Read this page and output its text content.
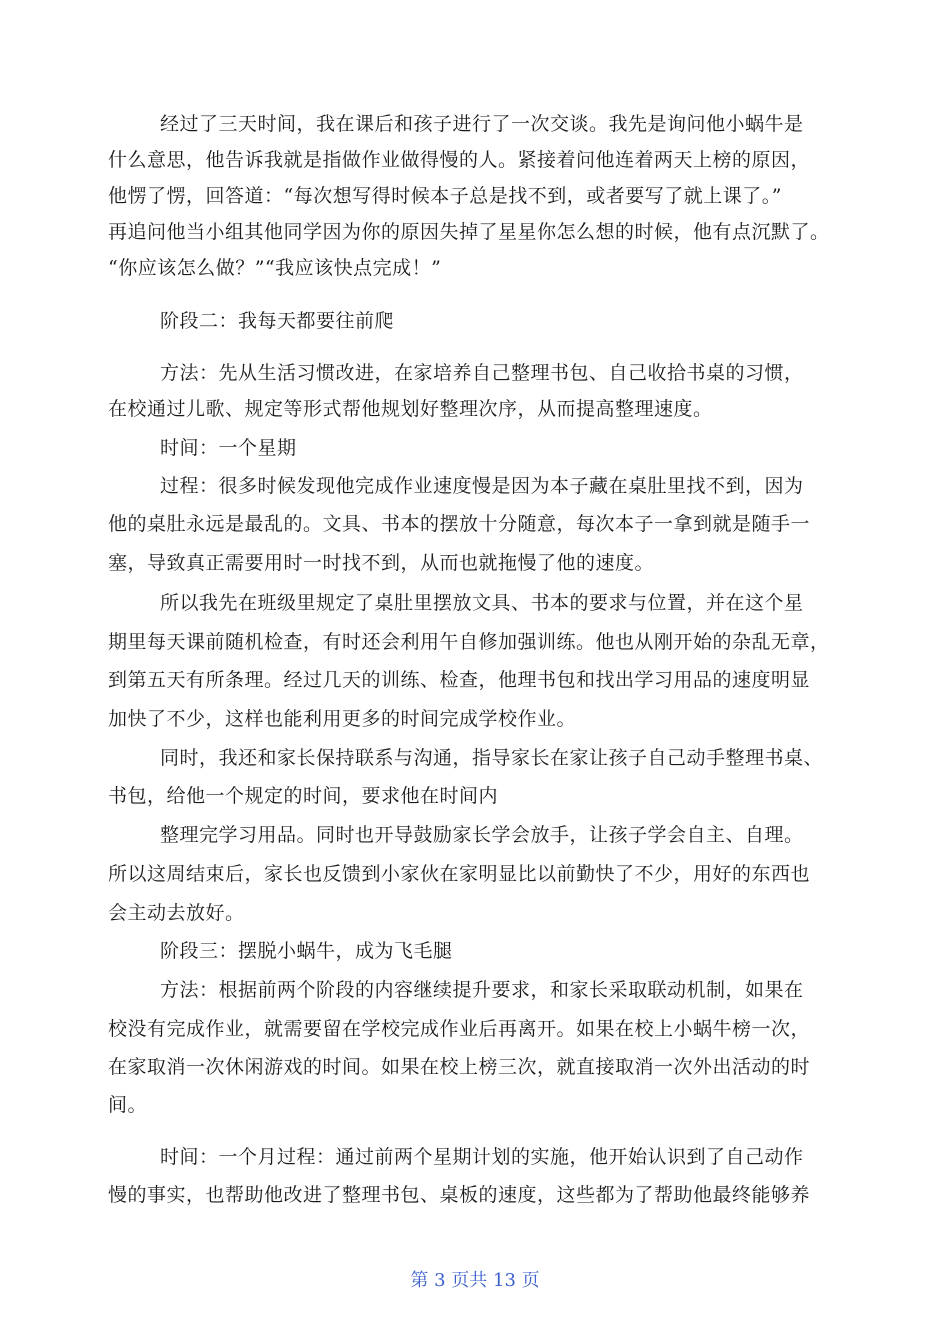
经过了三天时间，我在课后和孩子进行了一次交谈。我先是询问他小蜗牛是
什么意思，他告诉我就是指做作业做得慢的人。紧接着问他连着两天上榜的原因，
他愣了愣，回答道：“每次想写得时候本子总是找不到，或者要写了就上课了。”
再追问他当小组其他同学因为你的原因失掉了星星你怎么想的时候，他有点沉默了。
“你应该怎么做？”“我应该快点完成！”
阶段二：我每天都要往前爬
方法：先从生活习惯改进，在家培养自己整理书包、自己收拾书桌的习惯，
在校通过儿歌、规定等形式帮他规划好整理次序，从而提高整理速度。
时间：一个星期
过程：很多时候发现他完成作业速度慢是因为本子藏在桌肚里找不到，因为
他的桌肚永远是最乱的。文具、书本的摆放十分随意，每次本子一拿到就是随手一
塞，导致真正需要用时一时找不到，从而也就拖慢了他的速度。
所以我先在班级里规定了桌肚里摆放文具、书本的要求与位置，并在这个星
期里每天课前随机检查，有时还会利用午自修加强训练。他也从刚开始的杂乱无章，
到第五天有所条理。经过几天的训练、检查，他理书包和找出学习用品的速度明显
加快了不少，这样也能利用更多的时间完成学校作业。
同时，我还和家长保持联系与沟通，指导家长在家让孩子自己动手整理书桌、
书包，给他一个规定的时间，要求他在时间内
整理完学习用品。同时也开导鼓励家长学会放手，让孩子学会自主、自理。
所以这周结束后，家长也反馈到小家伙在家明显比以前勤快了不少，用好的东西也
会主动去放好。
阶段三：摆脱小蜗牛，成为飞毛腿
方法：根据前两个阶段的内容继续提升要求，和家长采取联动机制，如果在
校没有完成作业，就需要留在学校完成作业后再离开。如果在校上小蜗牛榜一次，
在家取消一次休闲游戏的时间。如果在校上榜三次，就直接取消一次外出活动的时
间。
时间：一个月过程：通过前两个星期计划的实施，他开始认识到了自己动作
慢的事实，也帮助他改进了整理书包、桌板的速度，这些都为了帮助他最终能够养
第 3 页共 13 页
